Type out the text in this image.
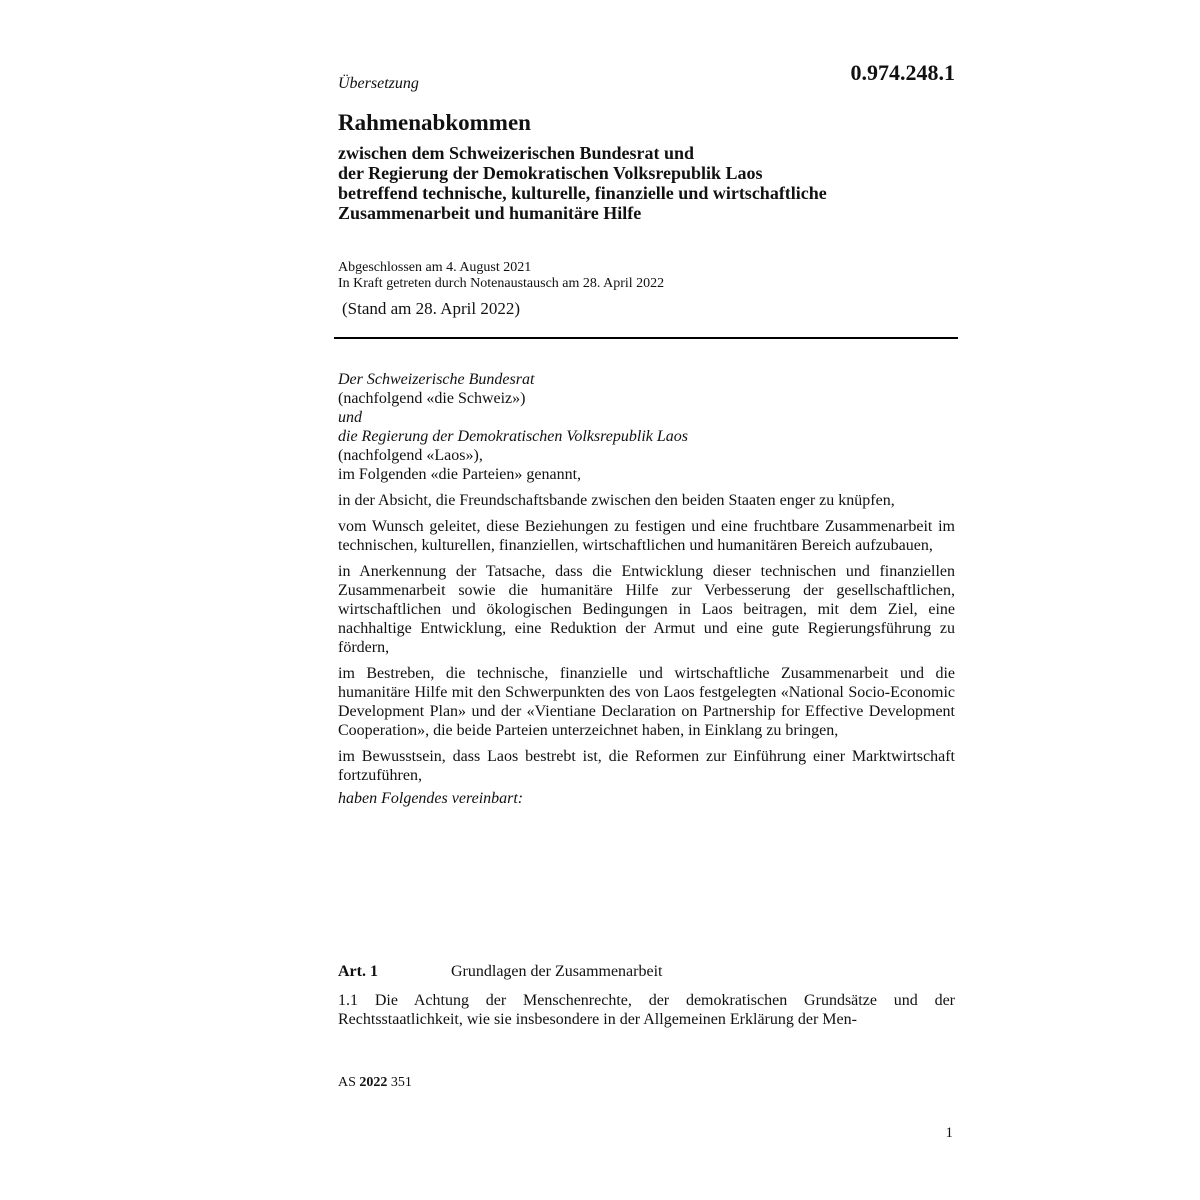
Übersetzung	0.974.248.1
Rahmenabkommen
zwischen dem Schweizerischen Bundesrat und
der Regierung der Demokratischen Volksrepublik Laos
betreffend technische, kulturelle, finanzielle und wirtschaftliche
Zusammenarbeit und humanitäre Hilfe
Abgeschlossen am 4. August 2021
In Kraft getreten durch Notenaustausch am 28. April 2022
(Stand am 28. April 2022)
Der Schweizerische Bundesrat
(nachfolgend «die Schweiz»)
und
die Regierung der Demokratischen Volksrepublik Laos
(nachfolgend «Laos»),
im Folgenden «die Parteien» genannt,

in der Absicht, die Freundschaftsbande zwischen den beiden Staaten enger zu knüpfen,

vom Wunsch geleitet, diese Beziehungen zu festigen und eine fruchtbare Zusammenarbeit im technischen, kulturellen, finanziellen, wirtschaftlichen und humanitären Bereich aufzubauen,

in Anerkennung der Tatsache, dass die Entwicklung dieser technischen und finanziellen Zusammenarbeit sowie die humanitäre Hilfe zur Verbesserung der gesellschaftlichen, wirtschaftlichen und ökologischen Bedingungen in Laos beitragen, mit dem Ziel, eine nachhaltige Entwicklung, eine Reduktion der Armut und eine gute Regierungsführung zu fördern,

im Bestreben, die technische, finanzielle und wirtschaftliche Zusammenarbeit und die humanitäre Hilfe mit den Schwerpunkten des von Laos festgelegten «National Socio-Economic Development Plan» und der «Vientiane Declaration on Partnership for Effective Development Cooperation», die beide Parteien unterzeichnet haben, in Einklang zu bringen,

im Bewusstsein, dass Laos bestrebt ist, die Reformen zur Einführung einer Marktwirtschaft fortzuführen,

haben Folgendes vereinbart:
Art. 1	Grundlagen der Zusammenarbeit
1.1 Die Achtung der Menschenrechte, der demokratischen Grundsätze und der Rechtsstaatlichkeit, wie sie insbesondere in der Allgemeinen Erklärung der Men-
AS 2022 351
1
